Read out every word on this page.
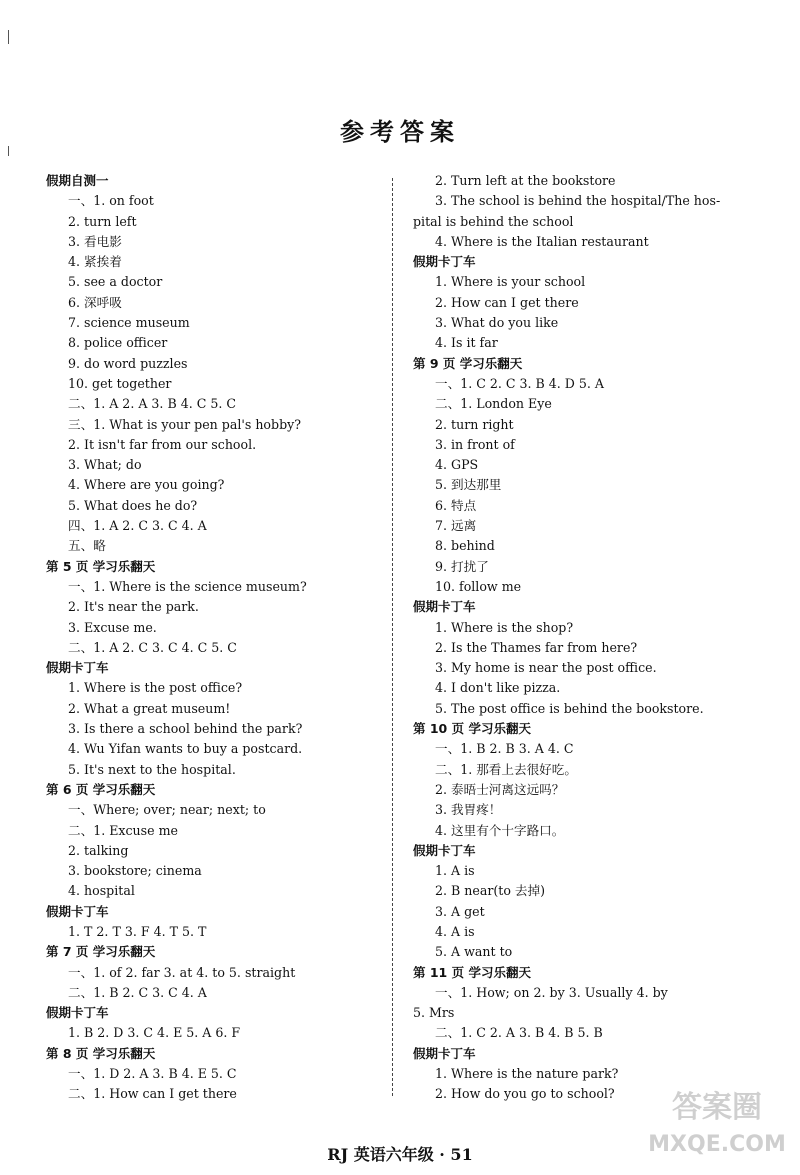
参考答案
假期自测一
一、1. on foot
2. turn left
3. 看电影
4. 紧挨着
5. see a doctor
6. 深呼吸
7. science museum
8. police officer
9. do word puzzles
10. get together
二、1. A 2. A 3. B 4. C 5. C
三、1. What is your pen pal's hobby?
2. It isn't far from our school.
3. What; do
4. Where are you going?
5. What does he do?
四、1. A 2. C 3. C 4. A
五、略
第 5 页 学习乐翻天
一、1. Where is the science museum?
2. It's near the park.
3. Excuse me.
二、1. A 2. C 3. C 4. C 5. C
假期卡丁车
1. Where is the post office?
2. What a great museum!
3. Is there a school behind the park?
4. Wu Yifan wants to buy a postcard.
5. It's next to the hospital.
第 6 页 学习乐翻天
一、Where; over; near; next; to
二、1. Excuse me
2. talking
3. bookstore; cinema
4. hospital
假期卡丁车
1. T 2. T 3. F 4. T 5. T
第 7 页 学习乐翻天
一、1. of 2. far 3. at 4. to 5. straight
二、1. B 2. C 3. C 4. A
假期卡丁车
1. B 2. D 3. C 4. E 5. A 6. F
第 8 页 学习乐翻天
一、1. D 2. A 3. B 4. E 5. C
二、1. How can I get there
2. Turn left at the bookstore
3. The school is behind the hospital/The hos-
pital is behind the school
4. Where is the Italian restaurant
假期卡丁车
1. Where is your school
2. How can I get there
3. What do you like
4. Is it far
第 9 页 学习乐翻天
一、1. C 2. C 3. B 4. D 5. A
二、1. London Eye
2. turn right
3. in front of
4. GPS
5. 到达那里
6. 特点
7. 远离
8. behind
9. 打扰了
10. follow me
假期卡丁车
1. Where is the shop?
2. Is the Thames far from here?
3. My home is near the post office.
4. I don't like pizza.
5. The post office is behind the bookstore.
第 10 页 学习乐翻天
一、1. B 2. B 3. A 4. C
二、1. 那看上去很好吃。
2. 泰晤士河离这远吗？
3. 我胃疼！
4. 这里有个十字路口。
假期卡丁车
1. A is
2. B near(to 去掉)
3. A get
4. A is
5. A want to
第 11 页 学习乐翻天
一、1. How; on 2. by 3. Usually 4. by
5. Mrs
二、1. C 2. A 3. B 4. B 5. B
假期卡丁车
1. Where is the nature park?
2. How do you go to school?
RJ 英语六年级 · 51
答案圈
MXQE.COM
